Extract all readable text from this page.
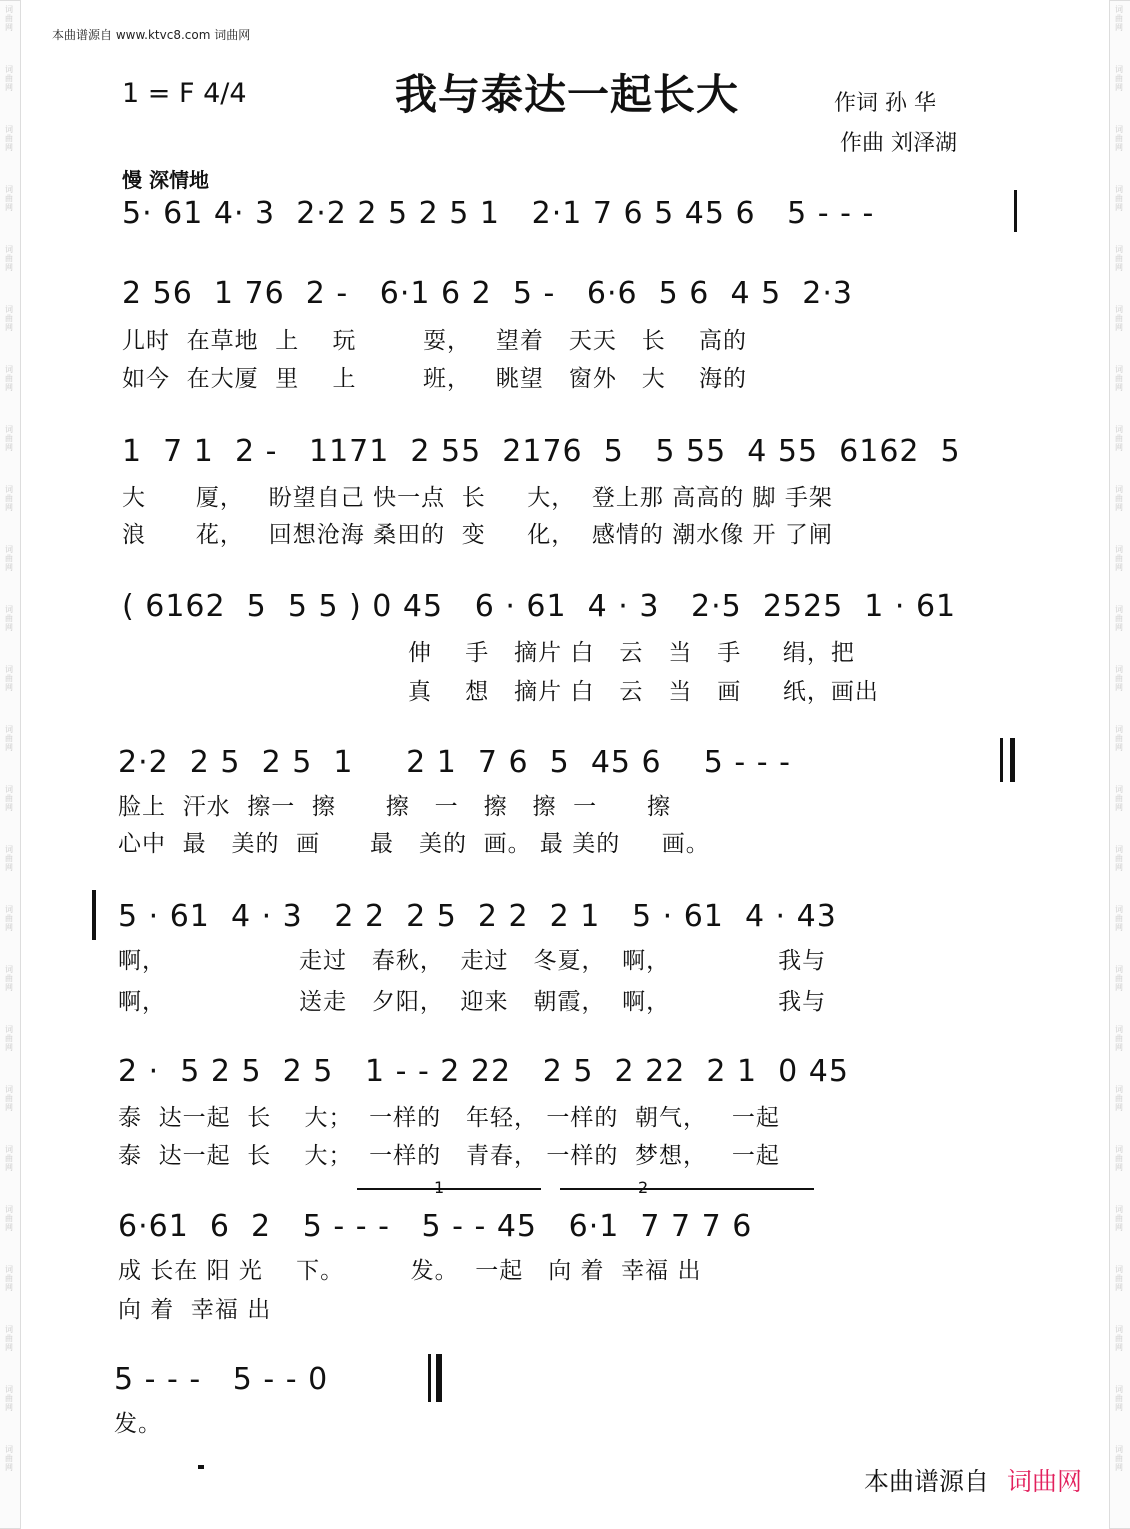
词
曲
网
词
曲
网
词
曲
网
词
曲
网
词
曲
网
词
曲
网
词
曲
网
词
曲
网
词
曲
网
词
曲
网
词
曲
网
词
曲
网
词
曲
网
词
曲
网
词
曲
网
词
曲
网
词
曲
网
词
曲
网
词
曲
网
词
曲
网
词
曲
网
词
曲
网
词
曲
网
词
曲
网
词
曲
网
词
曲
网
词
曲
网
词
曲
网
词
曲
网
词
曲
网
词
曲
网
词
曲
网
词
曲
网
词
曲
网
词
曲
网
词
曲
网
词
曲
网
词
曲
网
词
曲
网
词
曲
网
词
曲
网
词
曲
网
词
曲
网
词
曲
网
词
曲
网
词
曲
网
词
曲
网
词
曲
网
词
曲
网
词
曲
网
本曲谱源自 www.ktvc8.com 词曲网
1 = F 4/4	我与泰达一起长大	作词 孙 华
作曲 刘泽湖
慢 深情地
5· 61 4· 3  2·2 2 5 2 5 1   2·1 7 6 5 45 6   5 - - -
2 56  1 76  2 -   6·1 6 2  5 -   6·6  5 6  4 5  2·3
儿时  在草地  上    玩        耍，   望着   天天   长    高的
如今  在大厦  里    上        班，   眺望   窗外   大    海的
1  7 1  2 -   1171  2 55  2176  5   5 55  4 55  6162  5
大      厦，   盼望自己 快一点  长     大，  登上那 高高的 脚 手架
浪      花，   回想沧海 桑田的  变     化，  感情的 潮水像 开 了闸
( 6162  5  5 5 ) 0 45   6 · 61  4 · 3   2·5  2525  1 · 61
伸    手   摘片 白   云   当   手     绢，把
真    想   摘片 白   云   当   画     纸，画出
2·2  2 5  2 5  1     2 1  7 6  5  45 6    5 - - -
脸上  汗水  擦一  擦      擦   一   擦   擦  一      擦
心中  最   美的  画      最   美的  画。 最 美的     画。
5 · 61  4 · 3   2 2  2 5  2 2  2 1   5 · 61  4 · 43
啊，                走过   春秋，  走过   冬夏，  啊，             我与
啊，                送走   夕阳，  迎来   朝霞，  啊，             我与
2 ·  5 2 5  2 5   1 - - 2 22   2 5  2 22  2 1  0 45
泰  达一起  长    大；  一样的   年轻， 一样的  朝气，   一起
泰  达一起  长    大；  一样的   青春， 一样的  梦想，   一起
1	2
6·61  6  2   5 - - -   5 - - 45   6·1  7 7 7 6
成 长在 阳 光    下。        发。  一起   向 着  幸福 出
向 着  幸福 出
5 - - -   5 - - 0
发。
本曲谱源自 词曲网
